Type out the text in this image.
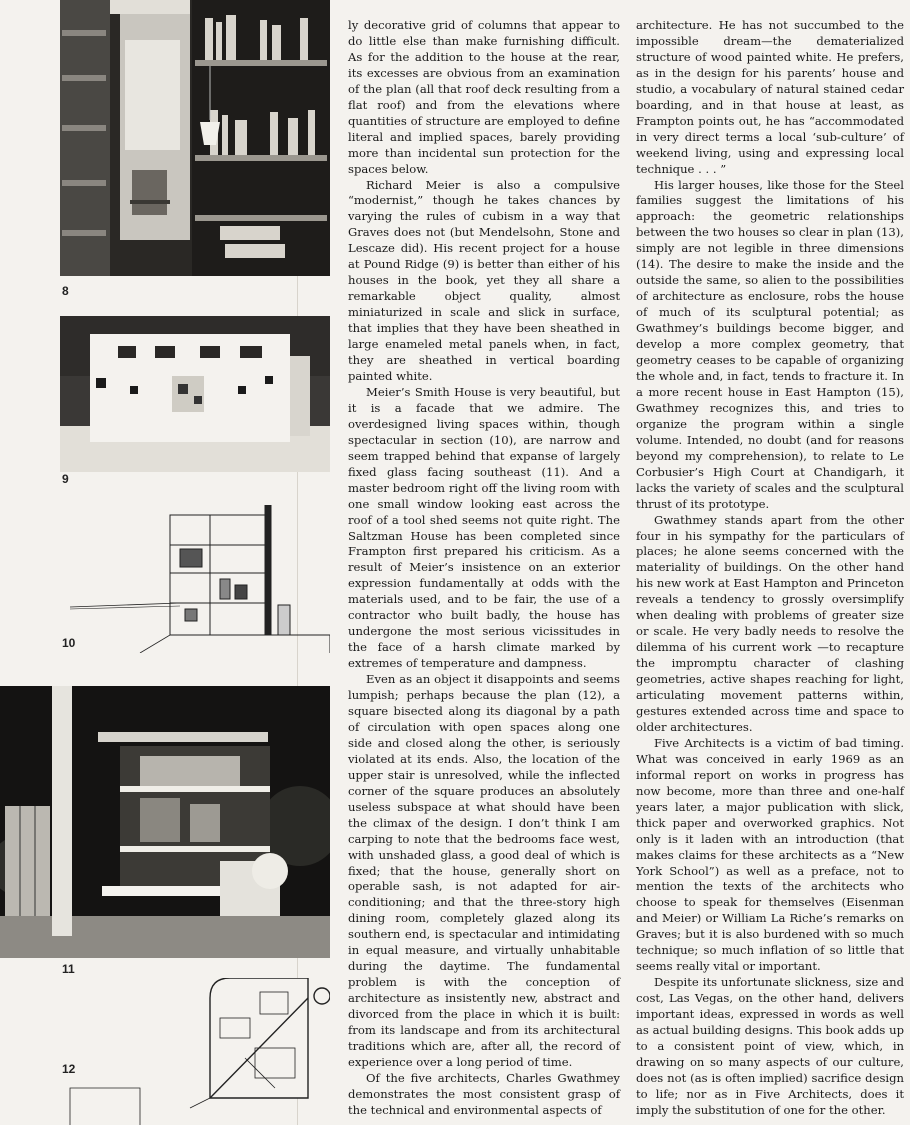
8
9
10
11
12

ly decorative grid of columns that appear to do little else than make furnishing difficult. As for the addition to the house at the rear, its excesses are obvious from an examination of the plan (all that roof deck resulting from a flat roof) and from the elevations where quantities of structure are employed to define literal and implied spaces, barely providing more than incidental sun protection for the spaces below.

Richard Meier is also a compulsive “modernist,” though he takes chances by varying the rules of cubism in a way that Graves does not (but Mendelsohn, Stone and Lescaze did). His recent project for a house at Pound Ridge (9) is better than either of his houses in the book, yet they all share a remarkable object quality, almost miniaturized in scale and slick in surface, that implies that they have been sheathed in large enameled metal panels when, in fact, they are sheathed in vertical boarding painted white.

Meier’s Smith House is very beautiful, but it is a facade that we admire. The overdesigned living spaces within, though spectacular in section (10), are narrow and seem trapped behind that expanse of largely fixed glass facing southeast (11). And a master bedroom right off the living room with one small window looking east across the roof of a tool shed seems not quite right. The Saltzman House has been completed since Frampton first prepared his criticism. As a result of Meier’s insistence on an exterior expression fundamentally at odds with the materials used, and to be fair, the use of a contractor who built badly, the house has undergone the most serious vicissitudes in the face of a harsh climate marked by extremes of temperature and dampness.

Even as an object it disappoints and seems lumpish; perhaps because the plan (12), a square bisected along its diagonal by a path of circulation with open spaces along one side and closed along the other, is seriously violated at its ends. Also, the location of the upper stair is unresolved, while the inflected corner of the square produces an absolutely useless subspace at what should have been the climax of the design. I don’t think I am carping to note that the bedrooms face west, with unshaded glass, a good deal of which is fixed; that the house, generally short on operable sash, is not adapted for air-conditioning; and that the three-story high dining room, completely glazed along its southern end, is spectacular and intimidating in equal measure, and virtually unhabitable during the daytime. The fundamental problem is with the conception of architecture as insistently new, abstract and divorced from the place in which it is built: from its landscape and from its architectural traditions which are, after all, the record of experience over a long period of time.

Of the five architects, Charles Gwathmey demonstrates the most consistent grasp of the technical and environmental aspects of

architecture. He has not succumbed to the impossible dream—the dematerialized structure of wood painted white. He prefers, as in the design for his parents’ house and studio, a vocabulary of natural stained cedar boarding, and in that house at least, as Frampton points out, he has “accommodated in very direct terms a local ‘sub-culture’ of weekend living, using and expressing local technique . . . ”

His larger houses, like those for the Steel families suggest the limitations of his approach: the geometric relationships between the two houses so clear in plan (13), simply are not legible in three dimensions (14). The desire to make the inside and the outside the same, so alien to the possibilities of architecture as enclosure, robs the house of much of its sculptural potential; as Gwathmey’s buildings become bigger, and develop a more complex geometry, that geometry ceases to be capable of organizing the whole and, in fact, tends to fracture it. In a more recent house in East Hampton (15), Gwathmey recognizes this, and tries to organize the program within a single volume. Intended, no doubt (and for reasons beyond my comprehension), to relate to Le Corbusier’s High Court at Chandigarh, it lacks the variety of scales and the sculptural thrust of its prototype.

Gwathmey stands apart from the other four in his sympathy for the particulars of places; he alone seems concerned with the materiality of buildings. On the other hand his new work at East Hampton and Princeton reveals a tendency to grossly oversimplify when dealing with problems of greater size or scale. He very badly needs to resolve the dilemma of his current work —to recapture the impromptu character of clashing geometries, active shapes reaching for light, articulating movement patterns within, gestures extended across time and space to older architectures.

Five Architects is a victim of bad timing. What was conceived in early 1969 as an informal report on works in progress has now become, more than three and one-half years later, a major publication with slick, thick paper and overworked graphics. Not only is it laden with an introduction (that makes claims for these architects as a “New York School”) as well as a preface, not to mention the texts of the architects who choose to speak for themselves (Eisenman and Meier) or William La Riche’s remarks on Graves; but it is also burdened with so much technique; so much inflation of so little that seems really vital or important.

Despite its unfortunate slickness, size and cost, Las Vegas, on the other hand, delivers important ideas, expressed in words as well as actual building designs. This book adds up to a consistent point of view, which, in drawing on so many aspects of our culture, does not (as is often implied) sacrifice design to life; nor as in Five Architects, does it imply the substitution of one for the other.
